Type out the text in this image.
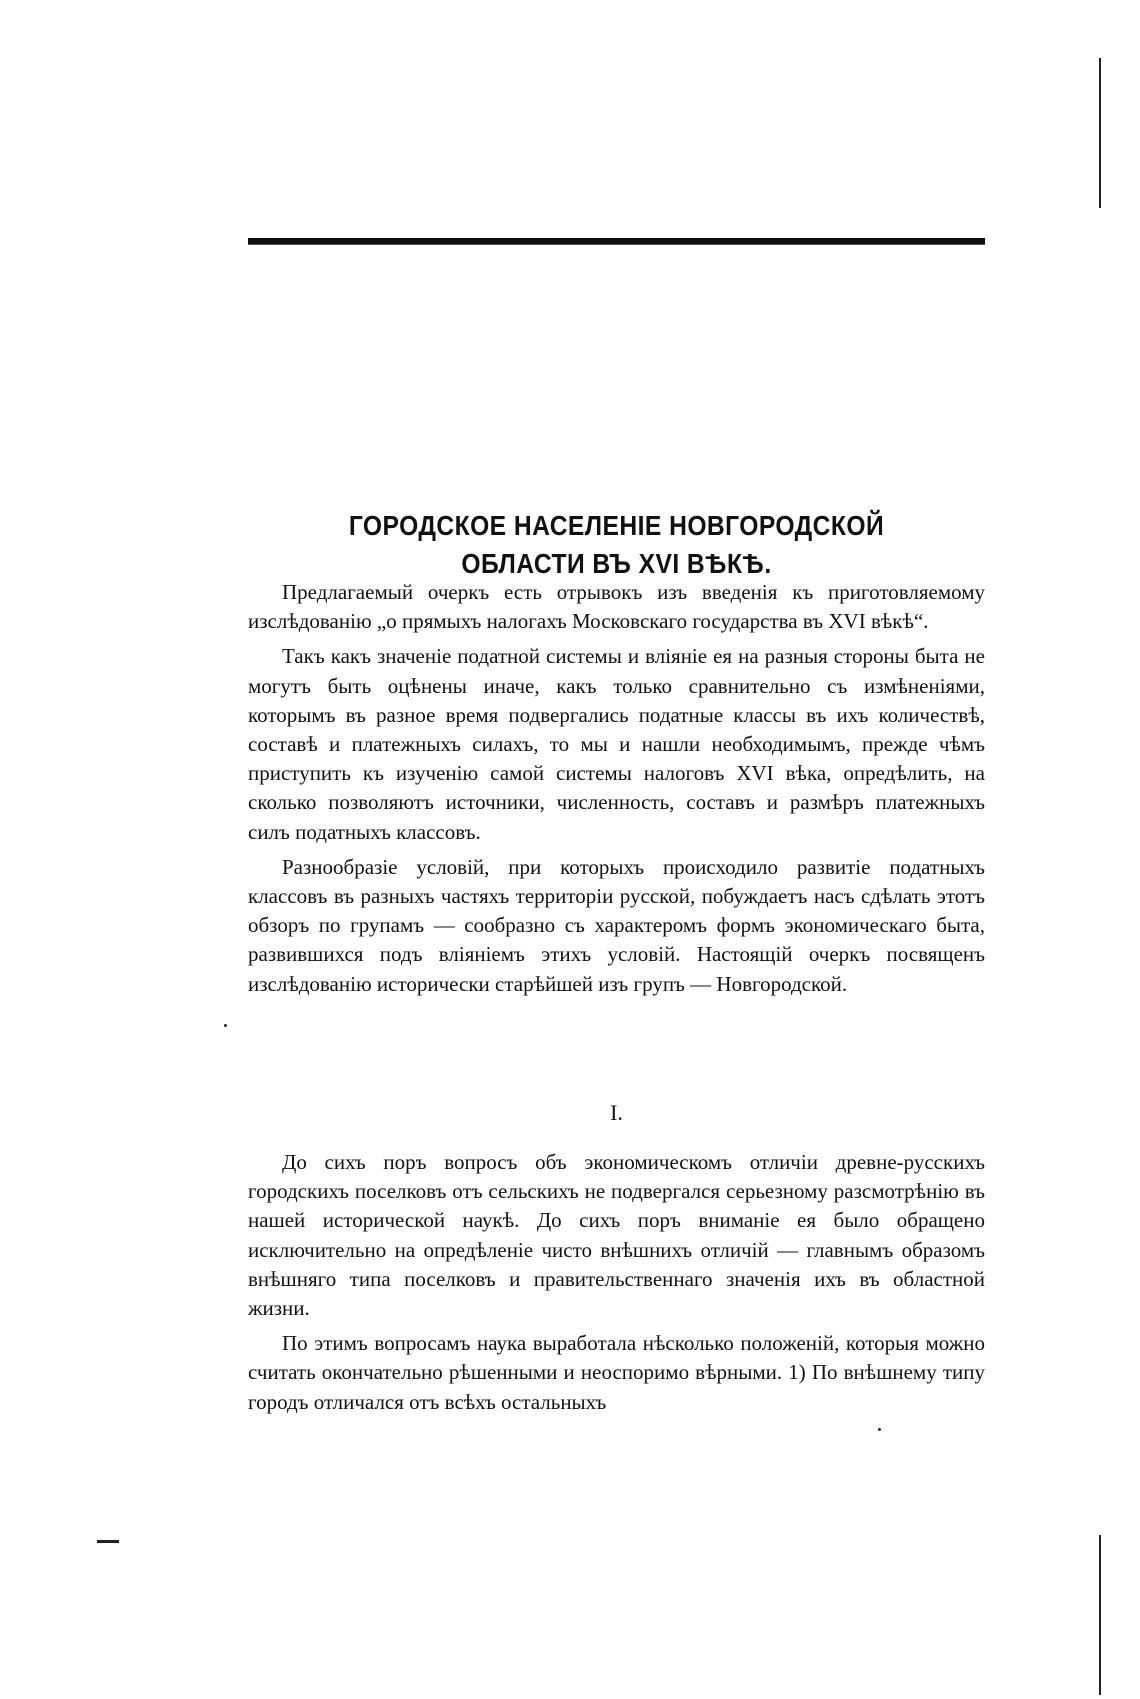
ГОРОДСКОЕ НАСЕЛЕНІЕ НОВГОРОДСКОЙ ОБЛАСТИ ВЪ XVI ВѢКѢ.

Предлагаемый очеркъ есть отрывокъ изъ введенія къ приготовляемому изслѣдованію „о прямыхъ налогахъ Московскаго государства въ XVI вѣкѣ“.

Такъ какъ значеніе податной системы и вліяніе ея на разныя стороны быта не могутъ быть оцѣнены иначе, какъ только сравнительно съ измѣненіями, которымъ въ разное время подвергались податные классы въ ихъ количествѣ, составѣ и платежныхъ силахъ, то мы и нашли необходимымъ, прежде чѣмъ приступить къ изученію самой системы налоговъ XVI вѣка, опредѣлить, на сколько позволяютъ источники, численность, составъ и размѣръ платежныхъ силъ податныхъ классовъ.

Разнообразіе условій, при которыхъ происходило развитіе податныхъ классовъ въ разныхъ частяхъ территоріи русской, побуждаетъ насъ сдѣлать этотъ обзоръ по групамъ — сообразно съ характеромъ формъ экономическаго быта, развившихся подъ вліяніемъ этихъ условій. Настоящій очеркъ посвященъ изслѣдованію исторически старѣйшей изъ групъ — Новгородской.

I.

До сихъ поръ вопросъ объ экономическомъ отличіи древне-русскихъ городскихъ поселковъ отъ сельскихъ не подвергался серьезному разсмотрѣнію въ нашей исторической наукѣ. До сихъ поръ вниманіе ея было обращено исключительно на опредѣленіе чисто внѣшнихъ отличій — главнымъ образомъ внѣшняго типа поселковъ и правительственнаго значенія ихъ въ областной жизни.

По этимъ вопросамъ наука выработала нѣсколько положеній, которыя можно считать окончательно рѣшенными и неоспоримо вѣрными. 1) По внѣшнему типу городъ отличался отъ всѣхъ остальныхъ
